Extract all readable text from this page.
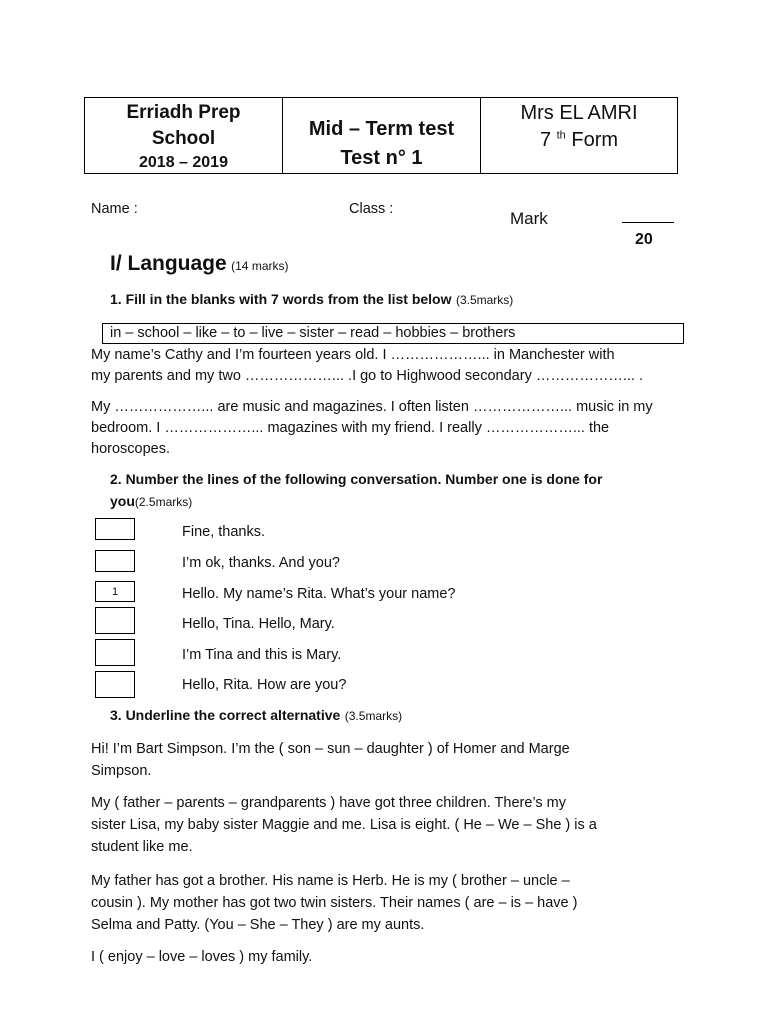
Erriadh Prep
School
2018 – 2019
Mid – Term test
Test n° 1
Mrs EL AMRI
7 $^{th}$ Form
Name :	Class :	Mark
20
I/ Language (14 marks)
1. Fill in the blanks with 7 words from the list below (3.5marks)
in – school – like – to – live – sister – read – hobbies – brothers
My name’s Cathy and I’m fourteen years old. I ………………... in Manchester with
my parents and my two ………………... .I go to Highwood secondary ………………... .
My ………………... are music and magazines. I often listen ………………... music in my
bedroom. I ………………... magazines with my friend. I really ………………... the
horoscopes.
2. Number the lines of the following conversation. Number one is done for
you(2.5marks)
Fine, thanks.
I’m ok, thanks. And you?
1	Hello. My name’s Rita. What’s your name?
Hello, Tina. Hello, Mary.
I’m Tina and this is Mary.
Hello, Rita. How are you?
3. Underline the correct alternative (3.5marks)
Hi! I’m Bart Simpson. I’m the ( son – sun – daughter ) of Homer and Marge
Simpson.
My ( father – parents – grandparents ) have got three children. There’s my
sister Lisa, my baby sister Maggie and me. Lisa is eight. ( He – We – She ) is a
student like me.
My father has got a brother. His name is Herb. He is my ( brother – uncle –
cousin ). My mother has got two twin sisters. Their names ( are – is – have )
Selma and Patty. (You – She – They ) are my aunts.
I ( enjoy – love – loves ) my family.
